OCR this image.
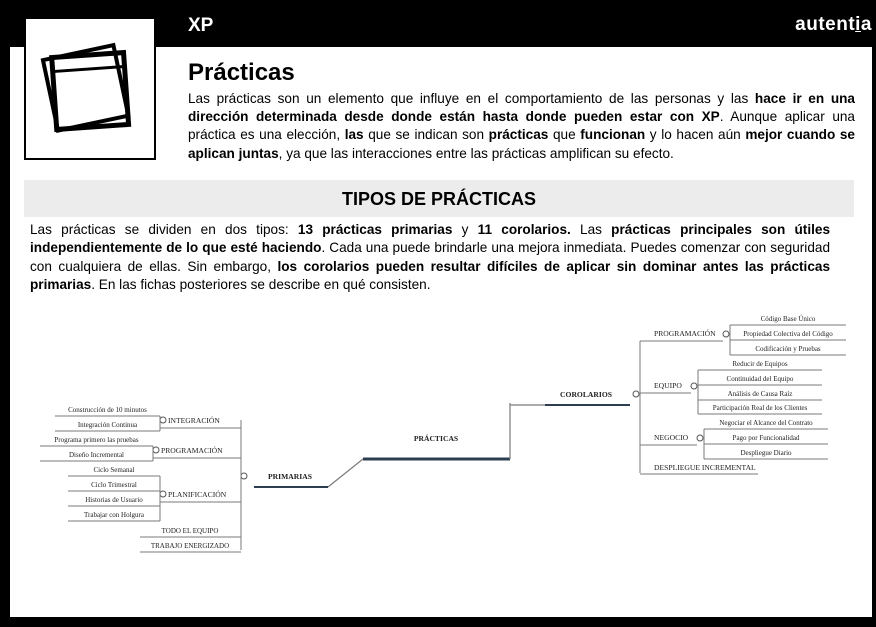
XP	autentia
Prácticas
Las prácticas son un elemento que influye en el comportamiento de las personas y las hace ir en una dirección determinada desde donde están hasta donde pueden estar con XP. Aunque aplicar una práctica es una elección, las que se indican son prácticas que funcionan y lo hacen aún mejor cuando se aplican juntas, ya que las interacciones entre las prácticas amplifican su efecto.
TIPOS DE PRÁCTICAS
Las prácticas se dividen en dos tipos: 13 prácticas primarias y 11 corolarios. Las prácticas principales son útiles independientemente de lo que esté haciendo. Cada una puede brindarle una mejora inmediata. Puedes comenzar con seguridad con cualquiera de ellas. Sin embargo, los corolarios pueden resultar difíciles de aplicar sin dominar antes las prácticas primarias. En las fichas posteriores se describe en qué consisten.
PRÁCTICAS
PRIMARIAS
INTEGRACIÓN
Construcción de 10 minutos
Integración Continua
PROGRAMACIÓN
Programa primero las pruebas
Diseño Incremental
PLANIFICACIÓN
Ciclo Semanal
Ciclo Trimestral
Historias de Usuario
Trabajar con Holgura
TODO EL EQUIPO
TRABAJO ENERGIZADO
COROLARIOS
PROGRAMACIÓN
Código Base Único
Propiedad Colectiva del Código
Codificación y Pruebas
EQUIPO
Reducir de Equipos
Continuidad del Equipo
Análisis de Causa Raíz
Participación Real de los Clientes
NEGOCIO
Negociar el Alcance del Contrato
Pago por Funcionalidad
Despliegue Diario
DESPLIEGUE INCREMENTAL
